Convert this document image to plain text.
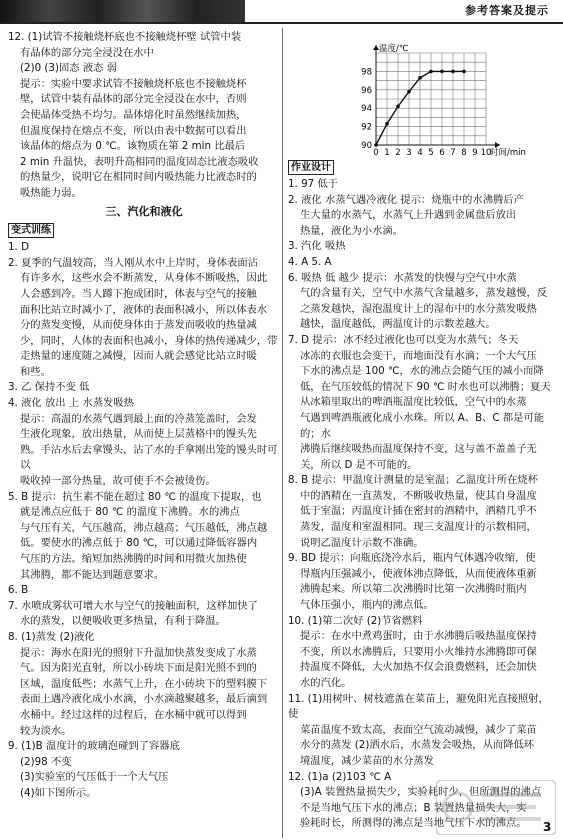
参考答案及提示

12. (1)试管不接触烧杯底也不接触烧杯壁 试管中装

有晶体的部分完全浸没在水中

(2)0 (3)固态 液态 弱

提示：实验中要求试管不接触烧杯底也不接触烧杯

壁，试管中装有晶体的部分完全浸没在水中，否则

会使晶体受热不均匀。晶体熔化时虽然继续加热，

但温度保持在熔点不变，所以由表中数据可以看出

该晶体的熔点为 0 ℃。该物质在第 2 min 比最后

2 min 升温快，表明升高相同的温度固态比液态吸收

的热量少，说明它在相同时间内吸热能力比液态时的

吸热能力弱。

三、汽化和液化

变式训练

1. D

2. 夏季的气温较高，当人刚从水中上岸时，身体表面沾

有许多水，这些水会不断蒸发，从身体不断吸热，因此

人会感到冷。当人蹲下抱成团时，体表与空气的接触

面积比站立时减小了，液体的表面积减小，所以体表水

分的蒸发变慢，从而使身体由于蒸发而吸收的热量减

少，同时，人体的表面积也减小，身体的热传递减少，带

走热量的速度随之减慢，因而人就会感觉比站立时暖

和些。

3. 乙 保持不变 低

4. 液化 放出 上 水蒸发吸热

提示：高温的水蒸气遇到最上面的冷蒸笼盖时，会发

生液化现象，放出热量，从而使上层蒸格中的馒头先

熟。手沾水后去拿馒头，沾了水的手拿刚出笼的馒头时可以

吸收掉一部分热量，故可使手不会被烫伤。

5. B 提示：抗生素不能在超过 80 ℃ 的温度下提取，也

就是沸点应低于 80 ℃ 的温度下沸腾。水的沸点

与气压有关，气压越高，沸点越高；气压越低，沸点越

低。要使水的沸点低于 80 ℃，可以通过降低容器内

气压的方法。缩短加热沸腾的时间和用微火加热使

其沸腾，都不能达到题意要求。

6. B

7. 水喷成雾状可增大水与空气的接触面积，这样加快了

水的蒸发，以便吸收更多热量，有利于降温。

8. (1)蒸发 (2)液化

提示：海水在阳光的照射下升温加快蒸发变成了水蒸

气。因为阳光直射，所以小砖块下面是阳光照不到的

区域，温度低些；水蒸气上升，在小砖块下的塑料膜下

表面上遇冷液化成小水滴，小水滴越聚越多，最后滴到

水桶中。经过这样的过程后，在水桶中就可以得到

较为淡水。

9. (1)B 温度计的玻璃泡碰到了容器底

(2)98 不变

(3)实验室的气压低于一个大气压

(4)如下图所示。

0 1 2 3 4 5 6 7 8 9 10
90
92
94
96
98
温度/℃
时间/min
作业设计

1. 97 低于

2. 液化 水蒸气遇冷液化 提示：烧瓶中的水沸腾后产

生大量的水蒸气，水蒸气上升遇到金属盘后放出

热量，液化为小水滴。

3. 汽化 吸热

4. A 5. A

6. 吸热 低 越少 提示：水蒸发的快慢与空气中水蒸

气的含量有关，空气中水蒸气含量越多，蒸发越慢，反

之蒸发越快，湿泡温度计上的湿布中的水分蒸发吸热

越快，温度越低，两温度计的示数差越大。

7. D 提示：冰不经过液化也可以变为水蒸气；冬天

冰冻的衣服也会变干，而地面没有水滴；一个大气压

下水的沸点是 100 ℃，水的沸点会随气压的减小而降

低，在气压较低的情况下 90 ℃ 时水也可以沸腾；夏天

从冰箱里取出的啤酒瓶温度比较低，空气中的水蒸

气遇到啤酒瓶液化成小水珠。所以 A、B、C 都是可能的；水

沸腾后继续吸热而温度保持不变，这与盖不盖盖子无

关，所以 D 是不可能的。

8. B 提示：甲温度计测量的是室温；乙温度计所在烧杯

中的酒精在一直蒸发，不断吸收热量，使其自身温度

低于室温；丙温度计插在密封的酒精中，酒精几乎不

蒸发，温度和室温相同。现三支温度计的示数相同，

说明乙温度计示数不准确。

9. BD 提示：向瓶底浇冷水后，瓶内气体遇冷收缩，使

得瓶内压强减小，使液体沸点降低，从而使液体重新

沸腾起来。所以第二次沸腾时比第一次沸腾时瓶内

气体压强小，瓶内的沸点低。

10. (1)第二次好 (2)节省燃料

提示：在水中煮鸡蛋时，由于水沸腾后吸热温度保持

不变，所以水沸腾后，只要用小火维持水沸腾即可保

持温度不降低，大火加热不仅会浪费燃料，还会加快

水的汽化。

11. (1)用树叶、树枝遮盖在菜苗上，避免阳光直接照射，使

菜苗温度不致太高，表面空气流动减慢，减少了菜苗

水分的蒸发 (2)洒水后，水蒸发会吸热，从而降低环

境温度，减少菜苗的水分蒸发

12. (1)a (2)103 ℃ A

(3)A 装置热量损失少，实验耗时少，但所测得的沸点

不是当地气压下水的沸点；B 装置热量损失大，实

验耗时长，所测得的沸点是当地气压下水的沸点。	3
